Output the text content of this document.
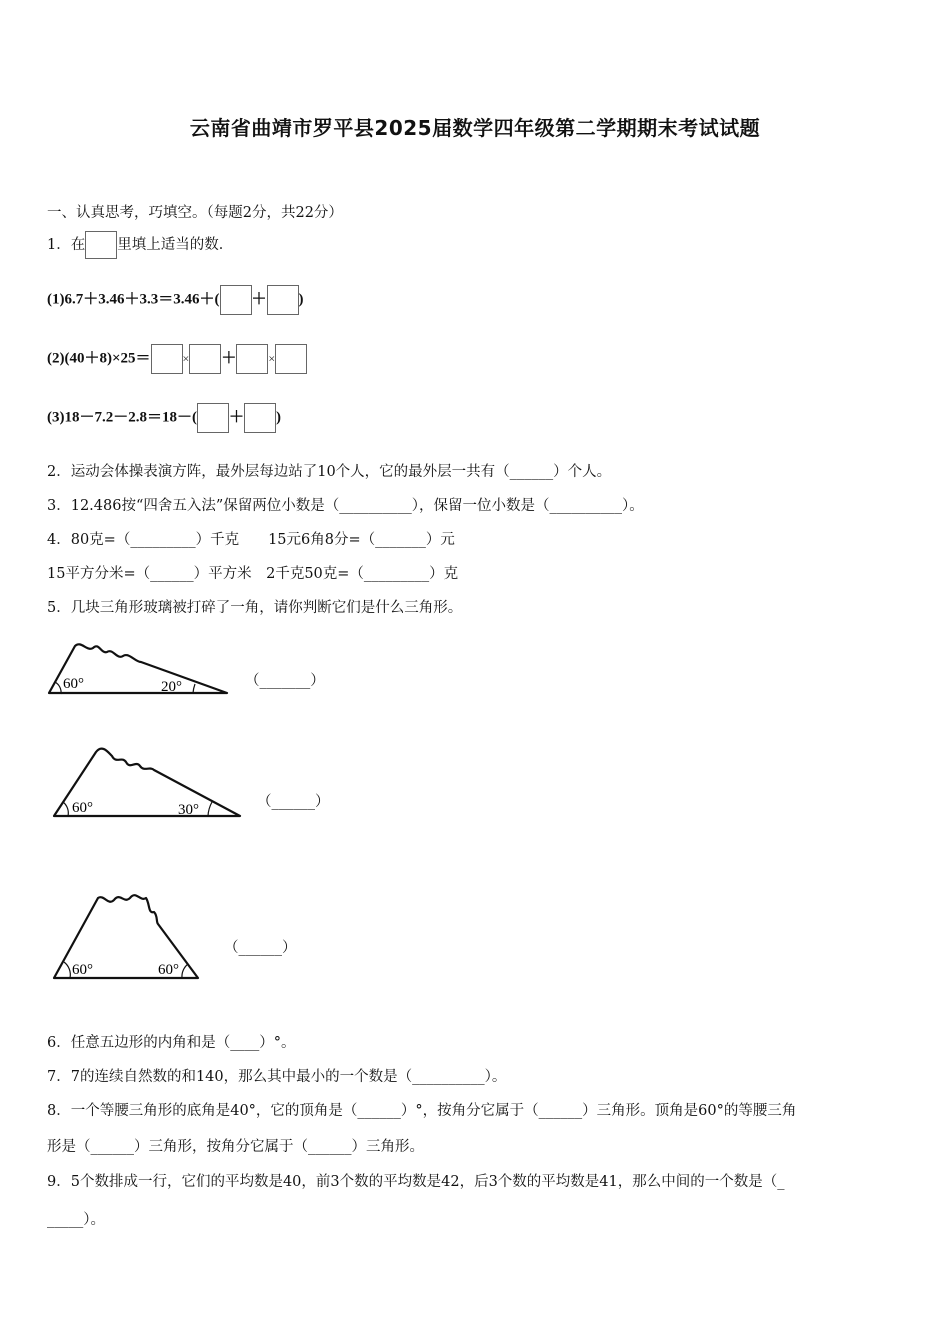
云南省曲靖市罗平县2025届数学四年级第二学期期末考试试题
一、认真思考，巧填空。（每题2分，共22分）
1．在 里填上适当的数．
(1)6.7＋3.46＋3.3＝3.46＋( ＋ )
(2)(40＋8)×25＝	× ＋	×
(3)18－7.2－2.8＝18－( ＋ )
2．运动会体操表演方阵，最外层每边站了10个人，它的最外层一共有（______）个人。
3．12.486按“四舍五入法”保留两位小数是（__________），保留一位小数是（__________）。
4．80克=（_________）千克　　15元6角8分=（_______）元
15平方分米=（______）平方米　2千克50克=（_________）克
5．几块三角形玻璃被打碎了一角，请你判断它们是什么三角形。
60°	20°	（_______）
60°	30°	（______）
60°	60°
（______）
6．任意五边形的内角和是（____）°。
7．7的连续自然数的和140，那么其中最小的一个数是（__________）。
8．一个等腰三角形的底角是40°，它的顶角是（______）°，按角分它属于（______）三角形。顶角是60°的等腰三角
形是（______）三角形，按角分它属于（______）三角形。
9．5个数排成一行，它们的平均数是40，前3个数的平均数是42，后3个数的平均数是41，那么中间的一个数是（_
_____）。
